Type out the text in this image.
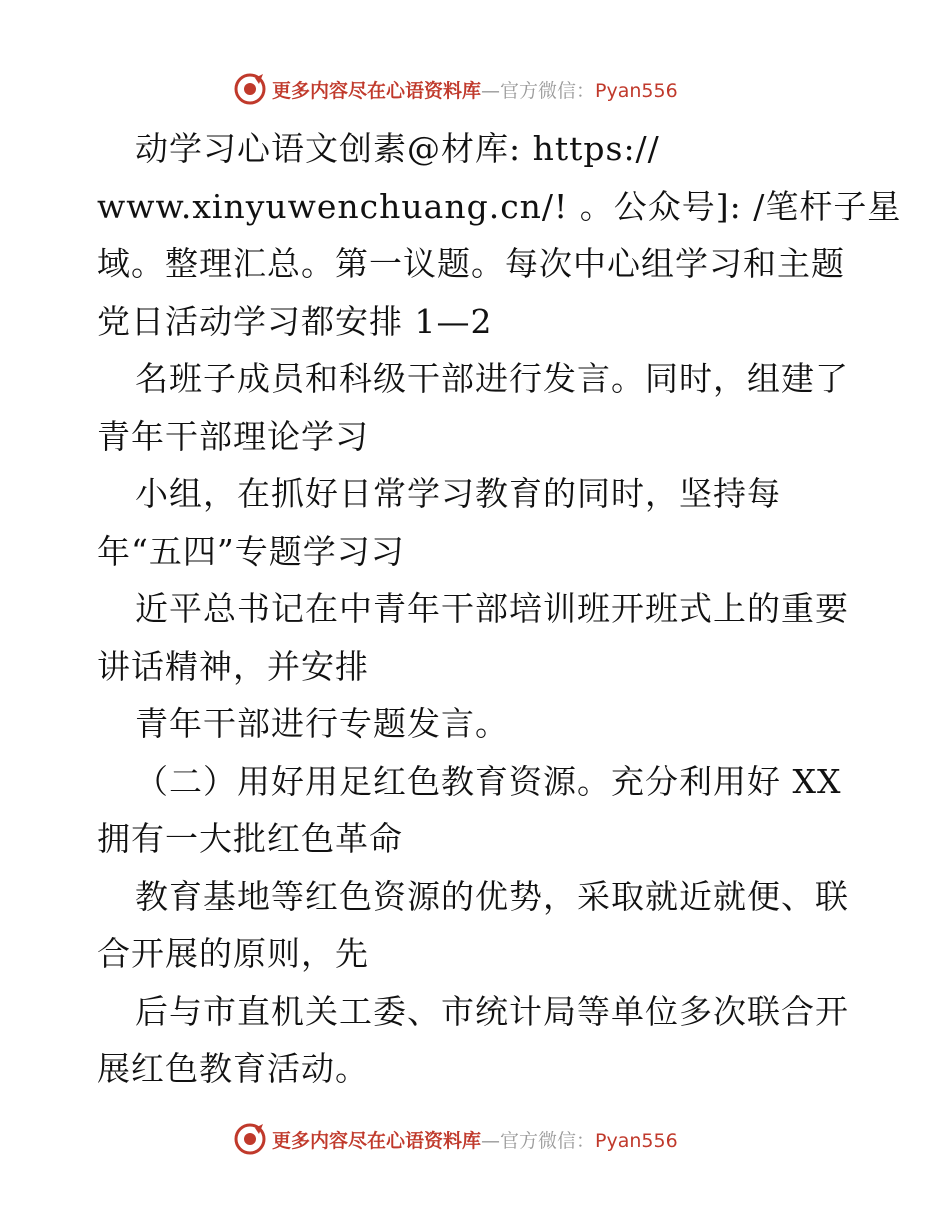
更多内容尽在心语资料库—官方微信：Pyan556
动学习心语文创素@材库: https://
www.xinyuwenchuang.cn/! 。公众号]: /笔杆子星
域。整理汇总。第一议题。每次中心组学习和主题
党日活动学习都安排 1—2
名班子成员和科级干部进行发言。同时，组建了
青年干部理论学习
小组，在抓好日常学习教育的同时，坚持每
年“五四”专题学习习
近平总书记在中青年干部培训班开班式上的重要
讲话精神，并安排
青年干部进行专题发言。
（二）用好用足红色教育资源。充分利用好 XX
拥有一大批红色革命
教育基地等红色资源的优势，采取就近就便、联
合开展的原则，先
后与市直机关工委、市统计局等单位多次联合开
展红色教育活动。
更多内容尽在心语资料库—官方微信：Pyan556
